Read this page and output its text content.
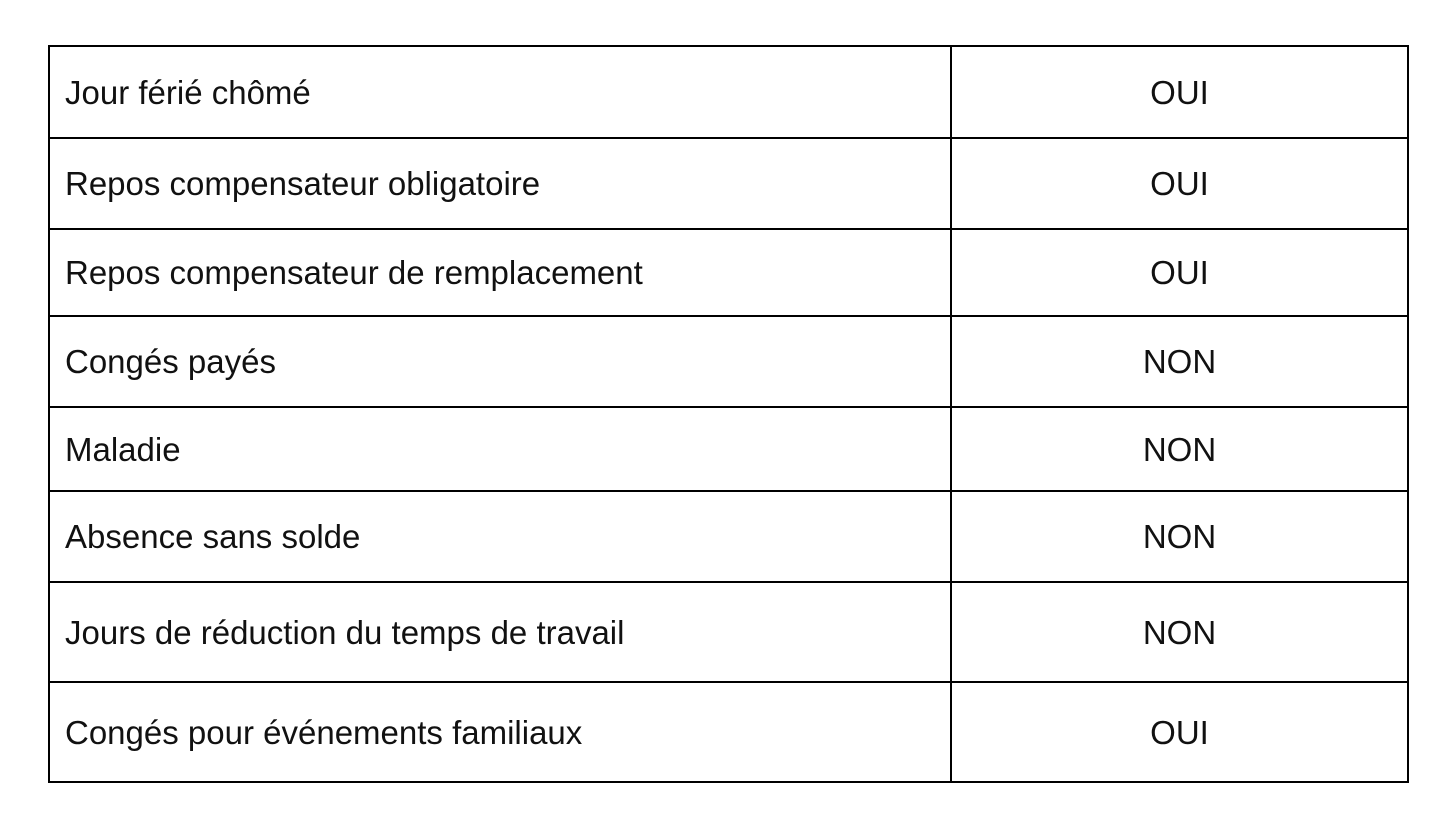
Jour férié chômé	OUI
Repos compensateur obligatoire	OUI
Repos compensateur de remplacement	OUI
Congés payés	NON
Maladie	NON
Absence sans solde	NON
Jours de réduction du temps de travail	NON
Congés pour événements familiaux	OUI
